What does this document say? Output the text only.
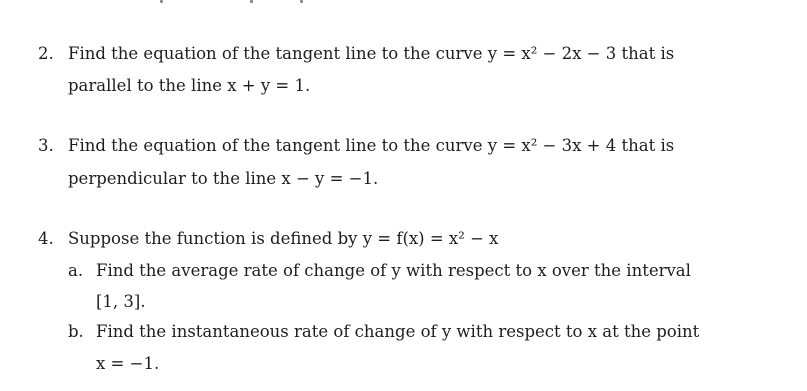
2. Find the equation of the tangent line to the curve y = x² − 2x − 3 that is
parallel to the line x + y = 1.
3. Find the equation of the tangent line to the curve y = x² − 3x + 4 that is
perpendicular to the line x − y = −1.
4. Suppose the function is defined by y = f(x) = x² − x
a. Find the average rate of change of y with respect to x over the interval
[1, 3].
b. Find the instantaneous rate of change of y with respect to x at the point
x = −1.
